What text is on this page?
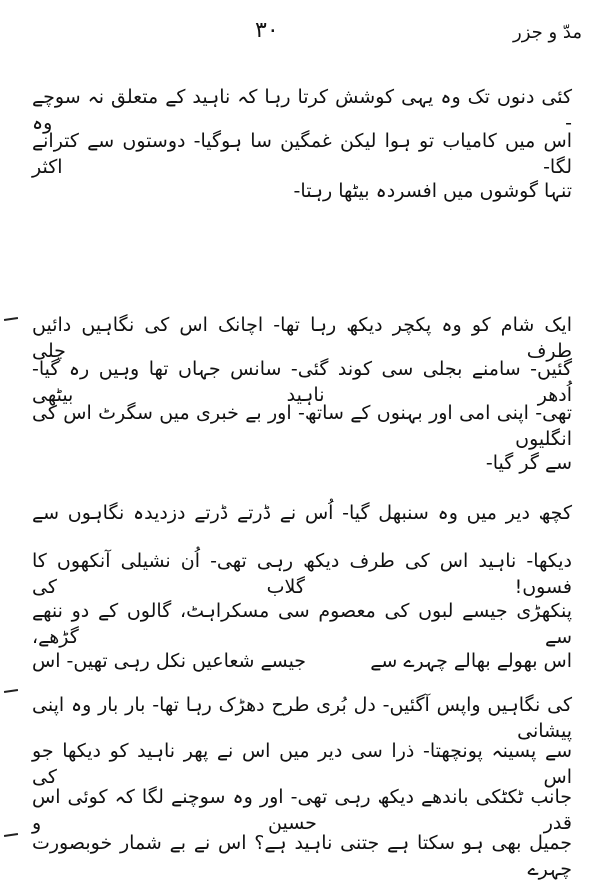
مدّ و جزر
۳۰
کئی دنوں تک وہ یہی کوشش کرتا رہا کہ ناہید کے متعلق نہ سوچے - وہ
اس میں کامیاب تو ہوا لیکن غمگین سا ہوگیا- دوستوں سے کترانے لگا- اکثر
تنہا گوشوں میں افسردہ بیٹھا رہتا-
ایک شام کو وہ پکچر دیکھ رہا تھا- اچانک اس کی نگاہیں دائیں طرف چلی
گئیں- سامنے بجلی سی کوند گئی- سانس جہاں تھا وہیں رہ گیا- اُدھر ناہید بیٹھی
تھی- اپنی امی اور بہنوں کے ساتھ- اور بے خبری میں سگرٹ اس کی انگلیوں
سے گر گیا-
کچھ دیر میں وہ سنبھل گیا- اُس نے ڈرتے ڈرتے دزدیدہ نگاہوں سے
دیکھا- ناہید اس کی طرف دیکھ رہی تھی- اُن نشیلی آنکھوں کا فسوں! گلاب کی
پنکھڑی جیسے لبوں کی معصوم سی مسکراہٹ، گالوں کے دو ننھے سے گڑھے،
اس بھولے بھالے چہرے سے
جیسے شعاعیں نکل رہی تھیں- اس
کی نگاہیں واپس آگئیں- دل بُری طرح دھڑک رہا تھا- بار بار وہ اپنی پیشانی
سے پسینہ پونچھتا- ذرا سی دیر میں اس نے پھر ناہید کو دیکھا جو اس کی
جانب ٹکٹکی باندھے دیکھ رہی تھی- اور وہ سوچنے لگا کہ کوئی اس قدر حسین و
جمیل بھی ہو سکتا ہے جتنی ناہید ہے؟ اس نے بے شمار خوبصورت چہرے
